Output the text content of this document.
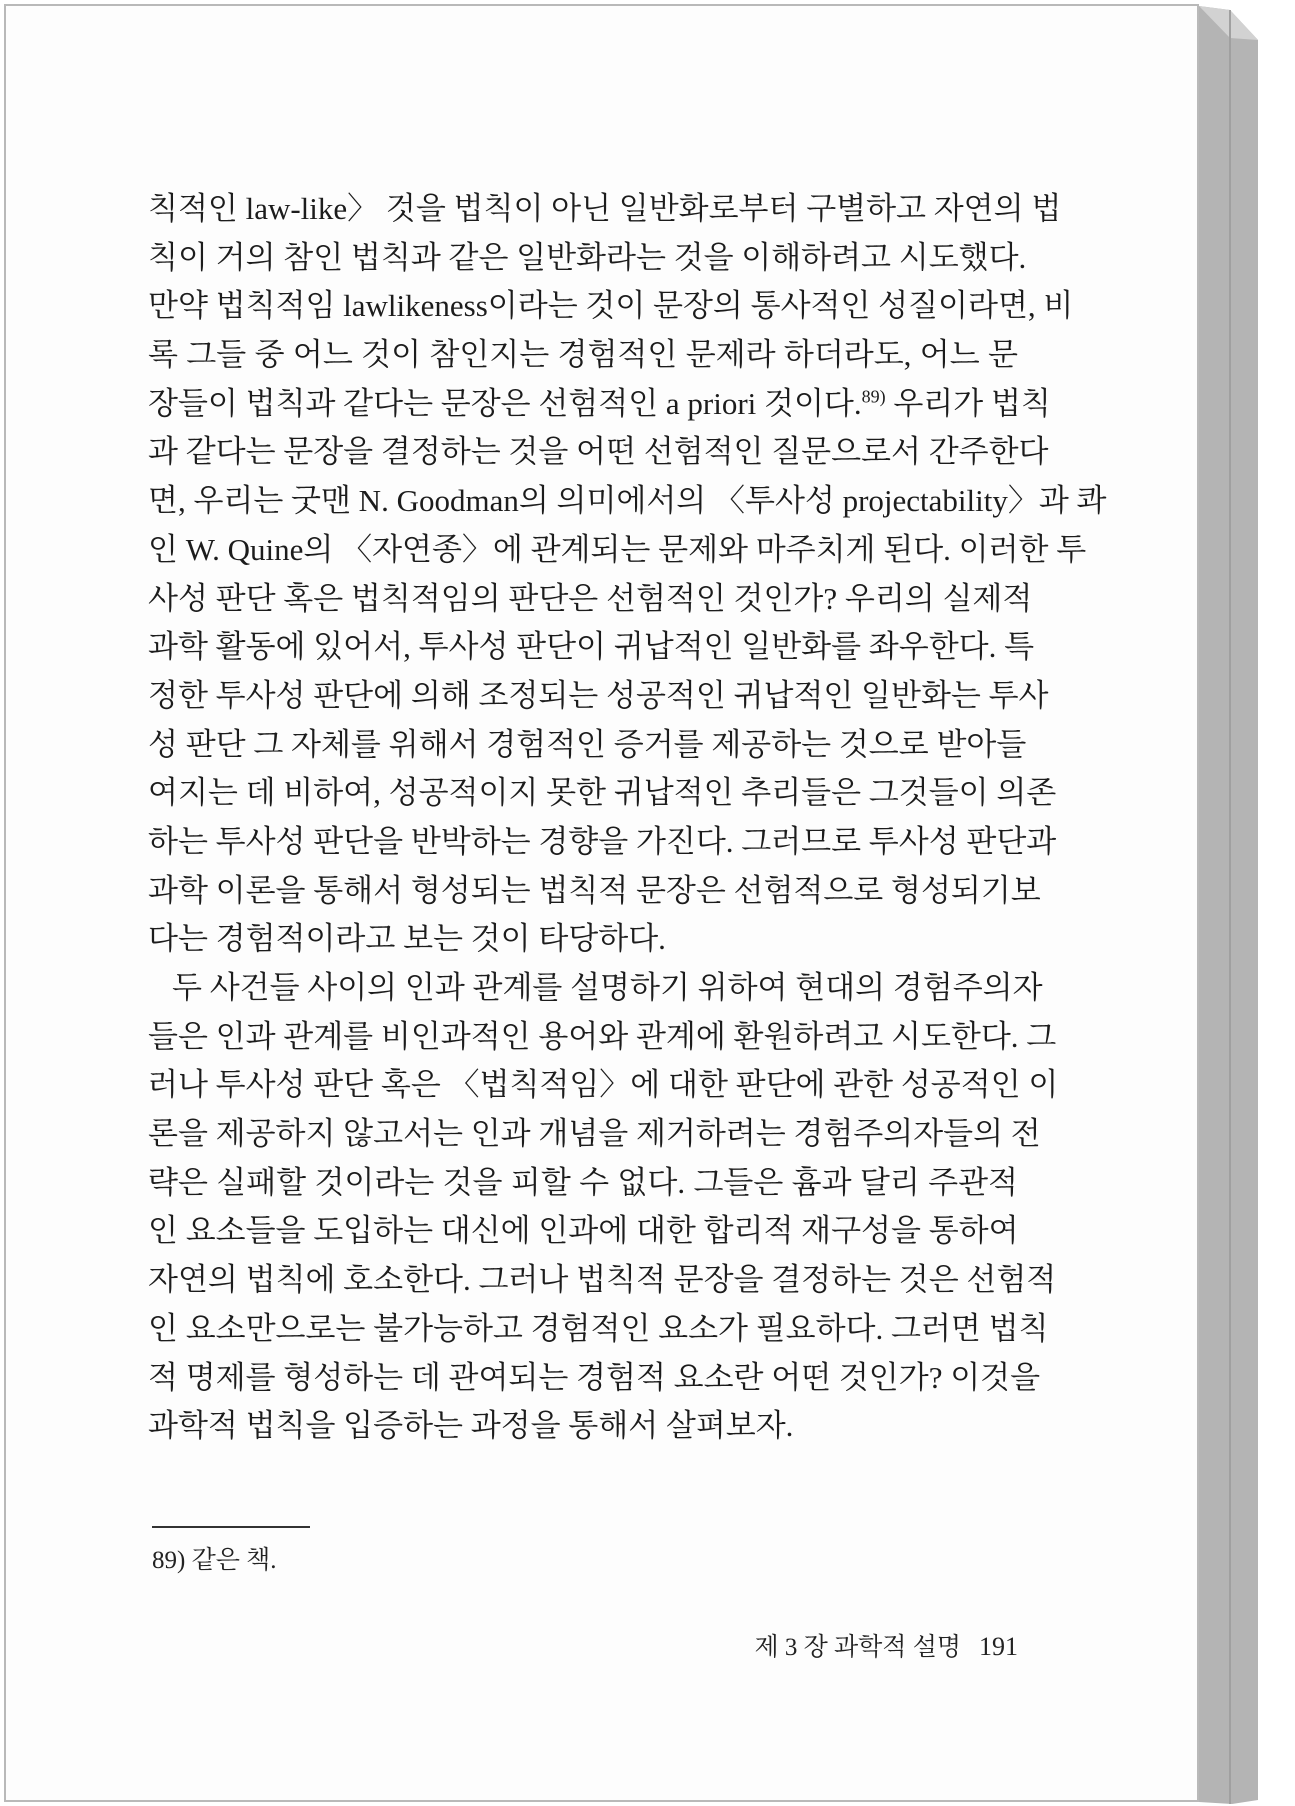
칙적인 law-like〉 것을 법칙이 아닌 일반화로부터 구별하고 자연의 법
칙이 거의 참인 법칙과 같은 일반화라는 것을 이해하려고 시도했다.
만약 법칙적임 lawlikeness이라는 것이 문장의 통사적인 성질이라면, 비
록 그들 중 어느 것이 참인지는 경험적인 문제라 하더라도, 어느 문
장들이 법칙과 같다는 문장은 선험적인 a priori 것이다.$^{89)}$ 우리가 법칙
과 같다는 문장을 결정하는 것을 어떤 선험적인 질문으로서 간주한다
면, 우리는 굿맨 N. Goodman의 의미에서의 〈투사성 projectability〉과 콰
인 W. Quine의 〈자연종〉에 관계되는 문제와 마주치게 된다. 이러한 투
사성 판단 혹은 법칙적임의 판단은 선험적인 것인가? 우리의 실제적
과학 활동에 있어서, 투사성 판단이 귀납적인 일반화를 좌우한다. 특
정한 투사성 판단에 의해 조정되는 성공적인 귀납적인 일반화는 투사
성 판단 그 자체를 위해서 경험적인 증거를 제공하는 것으로 받아들
여지는 데 비하여, 성공적이지 못한 귀납적인 추리들은 그것들이 의존
하는 투사성 판단을 반박하는 경향을 가진다. 그러므로 투사성 판단과
과학 이론을 통해서 형성되는 법칙적 문장은 선험적으로 형성되기보
다는 경험적이라고 보는 것이 타당하다.
두 사건들 사이의 인과 관계를 설명하기 위하여 현대의 경험주의자
들은 인과 관계를 비인과적인 용어와 관계에 환원하려고 시도한다. 그
러나 투사성 판단 혹은 〈법칙적임〉에 대한 판단에 관한 성공적인 이
론을 제공하지 않고서는 인과 개념을 제거하려는 경험주의자들의 전
략은 실패할 것이라는 것을 피할 수 없다. 그들은 흄과 달리 주관적
인 요소들을 도입하는 대신에 인과에 대한 합리적 재구성을 통하여
자연의 법칙에 호소한다. 그러나 법칙적 문장을 결정하는 것은 선험적
인 요소만으로는 불가능하고 경험적인 요소가 필요하다. 그러면 법칙
적 명제를 형성하는 데 관여되는 경험적 요소란 어떤 것인가? 이것을
과학적 법칙을 입증하는 과정을 통해서 살펴보자.
89) 같은 책.
제 3 장 과학적 설명 191
